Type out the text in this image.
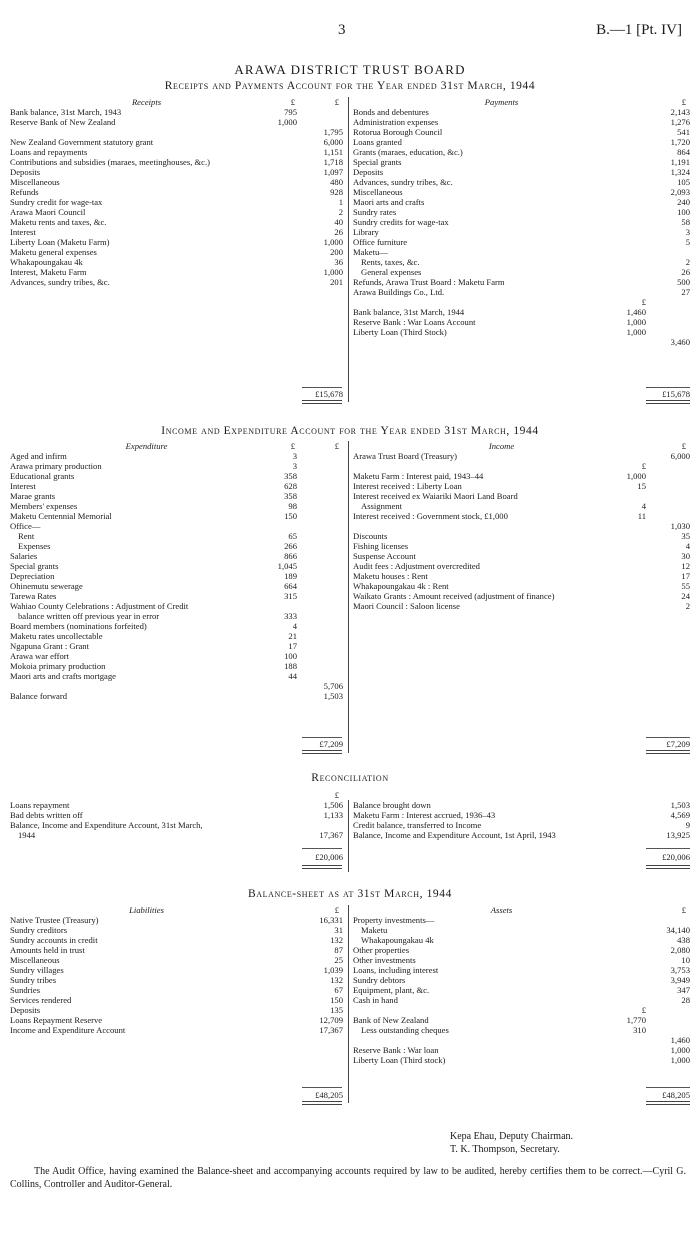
3	B.—1 [Pt. IV]
ARAWA DISTRICT TRUST BOARD
Receipts and Payments Account for the Year ended 31st March, 1944
Receipts	£	£
Bank balance, 31st March, 1943	795
Reserve Bank of New Zealand	1,000
1,795
New Zealand Government statutory grant	6,000
Loans and repayments	1,151
Contributions and subsidies (maraes, meetinghouses, &c.)	1,718
Deposits	1,097
Miscellaneous	480
Refunds	928
Sundry credit for wage-tax	1
Arawa Maori Council	2
Maketu rents and taxes, &c.	40
Interest	26
Liberty Loan (Maketu Farm)	1,000
Maketu general expenses	200
Whakapoungakau 4k	36
Interest, Maketu Farm	1,000
Advances, sundry tribes, &c.	201
Payments	£
Bonds and debentures	2,143
Administration expenses	1,276
Rotorua Borough Council	541
Loans granted	1,720
Grants (maraes, education, &c.)	864
Special grants	1,191
Deposits	1,324
Advances, sundry tribes, &c.	105
Miscellaneous	2,093
Maori arts and crafts	240
Sundry rates	100
Sundry credits for wage-tax	58
Library	3
Office furniture	5
Maketu—
Rents, taxes, &c.	2
General expenses	26
Refunds, Arawa Trust Board : Maketu Farm	500
Arawa Buildings Co., Ltd.	27
£
Bank balance, 31st March, 1944	1,460
Reserve Bank : War Loans Account	1,000
Liberty Loan (Third Stock)	1,000
3,460
£15,678	£15,678
Income and Expenditure Account for the Year ended 31st March, 1944
Expenditure	£	£
Aged and infirm	3
Arawa primary production	3
Educational grants	358
Interest	628
Marae grants	358
Members' expenses	98
Maketu Centennial Memorial	150
Office—
Rent	65
Expenses	266
Salaries	866
Special grants	1,045
Depreciation	189
Ohinemutu sewerage	664
Tarewa Rates	315
Wahiao County Celebrations : Adjustment of Credit
balance written off previous year in error	333
Board members (nominations forfeited)	4
Maketu rates uncollectable	21
Ngapuna Grant : Grant	17
Arawa war effort	100
Mokoia primary production	188
Maori arts and crafts mortgage	44
5,706
Balance forward	1,503
Income	£
Arawa Trust Board (Treasury)	6,000
£
Maketu Farm : Interest paid, 1943–44	1,000
Interest received : Liberty Loan	15
Interest received ex Waiariki Maori Land Board
Assignment	4
Interest received : Government stock, £1,000	11
1,030
Discounts	35
Fishing licenses	4
Suspense Account	30
Audit fees : Adjustment overcredited	12
Maketu houses : Rent	17
Whakapoungakau 4k : Rent	55
Waikato Grants : Amount received (adjustment of finance)	24
Maori Council : Saloon license	2
£7,209	£7,209
Reconciliation
£
Loans repayment	1,506
Bad debts written off	1,133
Balance, Income and Expenditure Account, 31st March,
1944	17,367
Balance brought down	1,503
Maketu Farm : Interest accrued, 1936–43	4,569
Credit balance, transferred to Income	9
Balance, Income and Expenditure Account, 1st April, 1943	13,925
£20,006	£20,006
Balance-sheet as at 31st March, 1944
Liabilities	£
Native Trustee (Treasury)	16,331
Sundry creditors	31
Sundry accounts in credit	132
Amounts held in trust	87
Miscellaneous	25
Sundry villages	1,039
Sundry tribes	132
Sundries	67
Services rendered	150
Deposits	135
Loans Repayment Reserve	12,709
Income and Expenditure Account	17,367
Assets	£
Property investments—
Maketu	34,140
Whakapoungakau 4k	438
Other properties	2,080
Other investments	10
Loans, including interest	3,753
Sundry debtors	3,949
Equipment, plant, &c.	347
Cash in hand	28
£
Bank of New Zealand	1,770
Less outstanding cheques	310
1,460
Reserve Bank : War loan	1,000
Liberty Loan (Third stock)	1,000
£48,205	£48,205
Kepa Ehau, Deputy Chairman.
T. K. Thompson, Secretary.
The Audit Office, having examined the Balance-sheet and accompanying accounts required by law to be audited, hereby certifies them to be correct.—Cyril G. Collins, Controller and Auditor-General.
